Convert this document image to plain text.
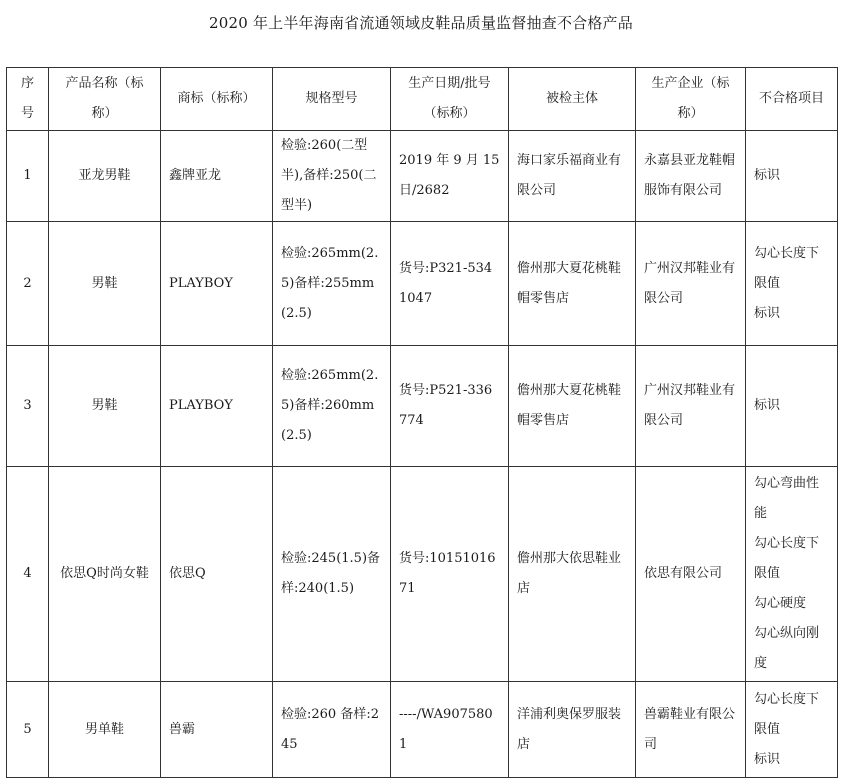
2020 年上半年海南省流通领域皮鞋品质量监督抽查不合格产品
序号	产品名称（标称）	商标（标称）	规格型号	生产日期/批号（标称）	被检主体	生产企业（标称）	不合格项目
1	亚龙男鞋	鑫牌亚龙	检验:260(二型半),备样:250(二型半)	2019 年 9 月 15 日/2682	海口家乐福商业有限公司	永嘉县亚龙鞋帽服饰有限公司	标识

2	男鞋	PLAYBOY	检验:265mm(2.5)备样:255mm(2.5)	货号:P321-5341047	儋州那大夏花桃鞋帽零售店	广州汉邦鞋业有限公司	勾心长度下限值
标识

3	男鞋	PLAYBOY	检验:265mm(2.5)备样:260mm(2.5)	货号:P521-336774	儋州那大夏花桃鞋帽零售店	广州汉邦鞋业有限公司	标识

4	依思Q时尚女鞋	依思Q	检验:245(1.5)备样:240(1.5)	货号:1015101671	儋州那大依思鞋业店	依思有限公司	勾心弯曲性能
勾心长度下限值
勾心硬度
勾心纵向刚度

5	男单鞋	兽霸	检验:260 备样:245	----/WA9075801	洋浦利奥保罗服装店	兽霸鞋业有限公司	勾心长度下限值
标识
